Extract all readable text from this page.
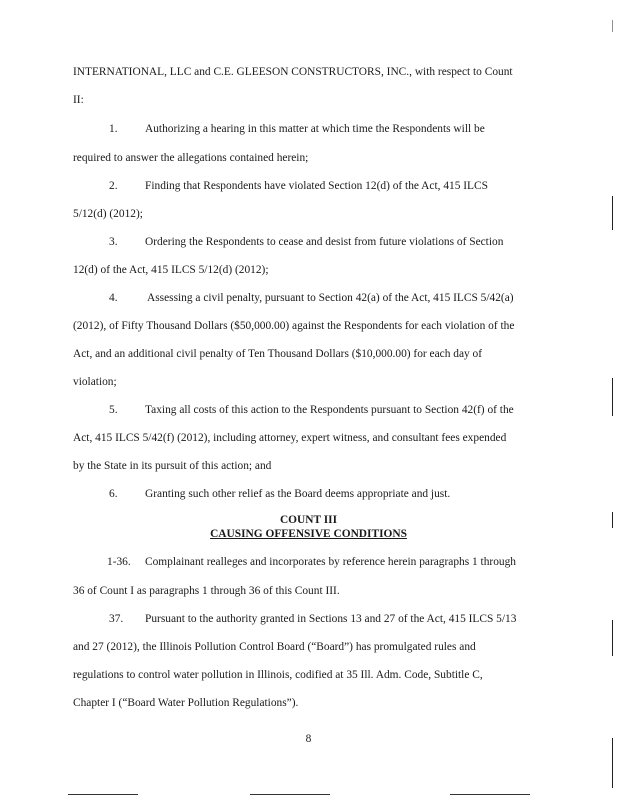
INTERNATIONAL, LLC and C.E. GLEESON CONSTRUCTORS, INC., with respect to Count
II:
1. Authorizing a hearing in this matter at which time the Respondents will be
required to answer the allegations contained herein;
2. Finding that Respondents have violated Section 12(d) of the Act, 415 ILCS
5/12(d) (2012);
3. Ordering the Respondents to cease and desist from future violations of Section
12(d) of the Act, 415 ILCS 5/12(d) (2012);
4.	Assessing a civil penalty, pursuant to Section 42(a) of the Act, 415 ILCS 5/42(a)
(2012), of Fifty Thousand Dollars ($50,000.00) against the Respondents for each violation of the
Act, and an additional civil penalty of Ten Thousand Dollars ($10,000.00) for each day of
violation;
5. Taxing all costs of this action to the Respondents pursuant to Section 42(f) of the
Act, 415 ILCS 5/42(f) (2012), including attorney, expert witness, and consultant fees expended
by the State in its pursuit of this action; and
6. Granting such other relief as the Board deems appropriate and just.
COUNT III
CAUSING OFFENSIVE CONDITIONS
1-36. Complainant realleges and incorporates by reference herein paragraphs 1 through
36 of Count I as paragraphs 1 through 36 of this Count III.
37. Pursuant to the authority granted in Sections 13 and 27 of the Act, 415 ILCS 5/13
and 27 (2012), the Illinois Pollution Control Board (“Board”) has promulgated rules and
regulations to control water pollution in Illinois, codified at 35 Ill. Adm. Code, Subtitle C,
Chapter I (“Board Water Pollution Regulations”).
8
